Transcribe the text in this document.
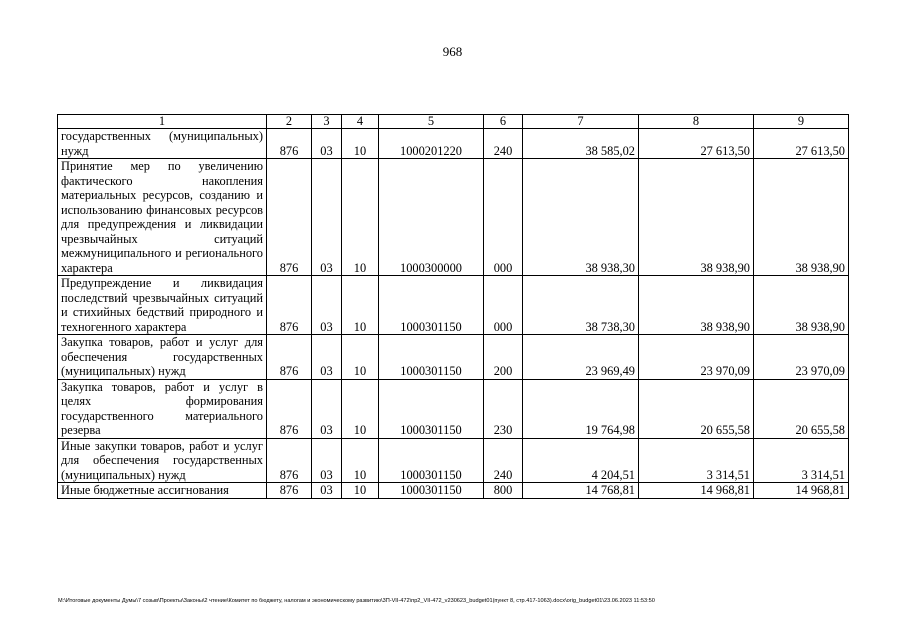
968
1	2	3	4	5	6	7	8	9
государственных (муниципальных) нужд	876	03	10	1000201220	240	38 585,02	27 613,50	27 613,50
Принятие мер по увеличению фактического накопления материальных ресурсов, созданию и использованию финансовых ресурсов для предупреждения и ликвидации чрезвычайных ситуаций межмуниципального и регионального характера	876	03	10	1000300000	000	38 938,30	38 938,90	38 938,90
Предупреждение и ликвидация последствий чрезвычайных ситуаций и стихийных бедствий природного и техногенного характера	876	03	10	1000301150	000	38 738,30	38 938,90	38 938,90
Закупка товаров, работ и услуг для обеспечения государственных (муниципальных) нужд	876	03	10	1000301150	200	23 969,49	23 970,09	23 970,09
Закупка товаров, работ и услуг в целях формирования государственного материального резерва	876	03	10	1000301150	230	19 764,98	20 655,58	20 655,58
Иные закупки товаров, работ и услуг для обеспечения государственных (муниципальных) нужд	876	03	10	1000301150	240	4 204,51	3 314,51	3 314,51
Иные бюджетные ассигнования	876	03	10	1000301150	800	14 768,81	14 968,81	14 968,81
M:\Итоговые документы Думы\7 созыв\Проекты\Законы\2 чтение\Комитет по бюджету, налогам и экономическому развитию\3П-VII-472\пр2_VII-472_v230623_budget01(пункт 8, стр.417-1063).docx\orig_budget01\23.06.2023 11:53:50
